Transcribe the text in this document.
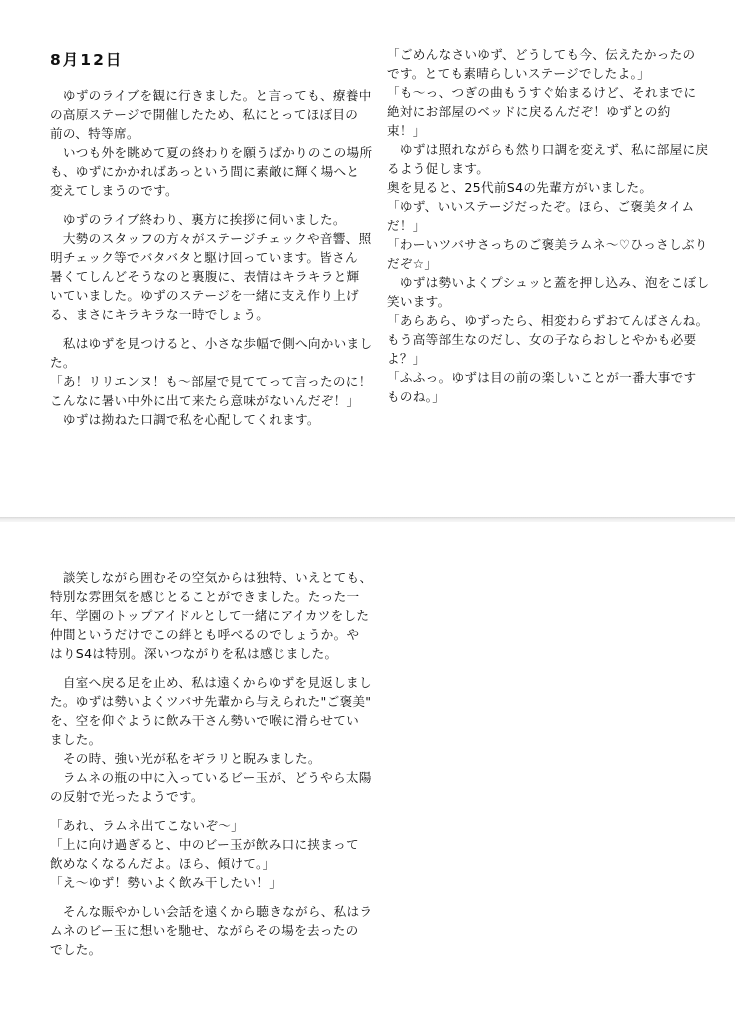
8月12日
　ゆずのライブを観に行きました。と言っても、療養中
の高原ステージで開催したため、私にとってほぼ目の
前の、特等席。
　いつも外を眺めて夏の終わりを願うばかりのこの場所
も、ゆずにかかればあっという間に素敵に輝く場へと
変えてしまうのです。
　ゆずのライブ終わり、裏方に挨拶に伺いました。
　大勢のスタッフの方々がステージチェックや音響、照
明チェック等でバタバタと駆け回っています。皆さん
暑くてしんどそうなのと裏腹に、表情はキラキラと輝
いていました。ゆずのステージを一緒に支え作り上げ
る、まさにキラキラな一時でしょう。
　私はゆずを見つけると、小さな歩幅で側へ向かいまし
た。
「あ！リリエンヌ！も〜部屋で見ててって言ったのに！
こんなに暑い中外に出て来たら意味がないんだぞ！」
　ゆずは拗ねた口調で私を心配してくれます。
「ごめんなさいゆず、どうしても今、伝えたかったの
です。とても素晴らしいステージでしたよ。」
「も〜っ、つぎの曲もうすぐ始まるけど、それまでに
絶対にお部屋のベッドに戻るんだぞ！ゆずとの約
束！」
　ゆずは照れながらも然り口調を変えず、私に部屋に戻
るよう促します。
奥を見ると、25代前S4の先輩方がいました。
「ゆず、いいステージだったぞ。ほら、ご褒美タイム
だ！」
「わーいツバサさっちのご褒美ラムネ〜♡ひっさしぶり
だぞ☆」
　ゆずは勢いよくプシュッと蓋を押し込み、泡をこぼし
笑います。
「あらあら、ゆずったら、相変わらずおてんばさんね。
もう高等部生なのだし、女の子ならおしとやかも必要
よ？」
「ふふっ。ゆずは目の前の楽しいことが一番大事です
ものね。」
　談笑しながら囲むその空気からは独特、いえとても、
特別な雰囲気を感じとることができました。たった一
年、学園のトップアイドルとして一緒にアイカツをした
仲間というだけでこの絆とも呼べるのでしょうか。や
はりS4は特別。深いつながりを私は感じました。
　自室へ戻る足を止め、私は遠くからゆずを見返しまし
た。ゆずは勢いよくツバサ先輩から与えられた"ご褒美"
を、空を仰ぐように飲み干さん勢いで喉に滑らせてい
ました。
　その時、強い光が私をギラリと睨みました。
　ラムネの瓶の中に入っているビー玉が、どうやら太陽
の反射で光ったようです。
「あれ、ラムネ出てこないぞ〜」
「上に向け過ぎると、中のビー玉が飲み口に挟まって
飲めなくなるんだよ。ほら、傾けて。」
「え〜ゆず！勢いよく飲み干したい！」
　そんな賑やかしい会話を遠くから聴きながら、私はラ
ムネのビー玉に想いを馳せ、ながらその場を去ったの
でした。
